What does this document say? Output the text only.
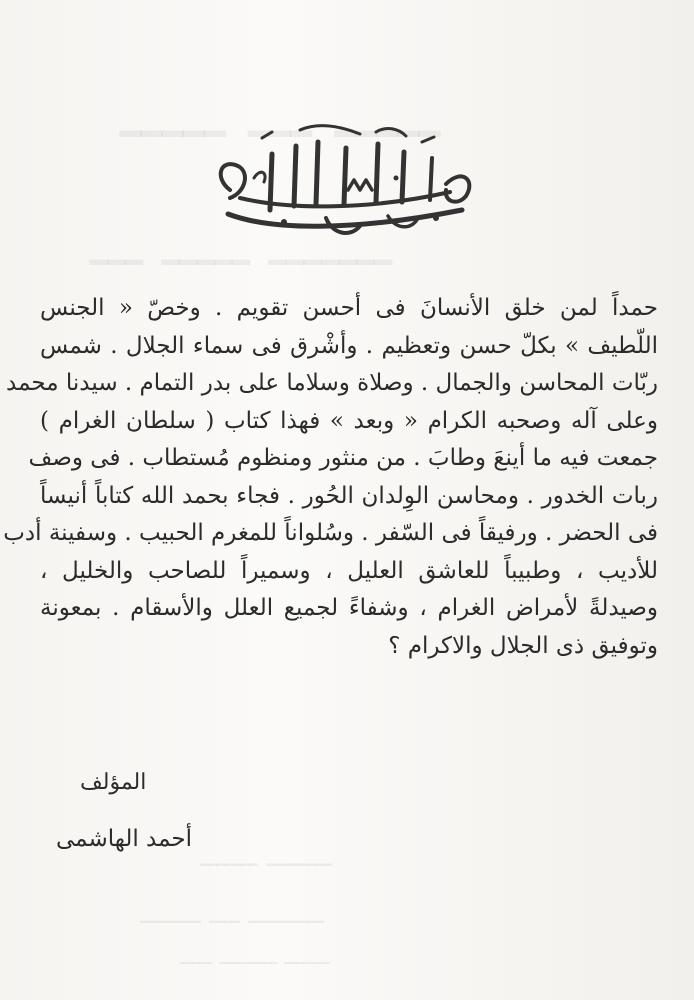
ـــــ ـــ ـــــ
ـــــــ ـــــ ـــ
ــــــــ ـــــــ
ــــــــــ ــــ ــــــــ
ـــــــ ـــــــــ ـــــ
حمداً لمن خلق الأنسانَ فى أحسن تقويم . وخصّ « الجنس
اللّطيف » بكلّ حسن وتعظيم . وأشْرق فى سماء الجلال . شمس
ربّات المحاسن والجمال . وصلاة وسلاما على بدر التمام . سيدنا محمد
وعلى آله وصحبه الكرام « وبعد » فهذا كتاب ( سلطان الغرام )
جمعت فيه ما أينعَ وطابَ . من منثور ومنظوم مُستطاب . فى وصف
ربات الخدور . ومحاسن الوِلدان الحُور . فجاء بحمد الله كتاباً أنيساً
فى الحضر . ورفيقاً فى السّفر . وسُلواناً للمغرم الحبيب . وسفينة أدب
للأديب ، وطبيباً للعاشق العليل ، وسميراً للصاحب والخليل ،
وصيدلةً لأمراض الغرام ، وشفاءً لجميع العلل والأسقام . بمعونة
وتوفيق ذى الجلال والاكرام ؟
المؤلف
أحمد الهاشمى
